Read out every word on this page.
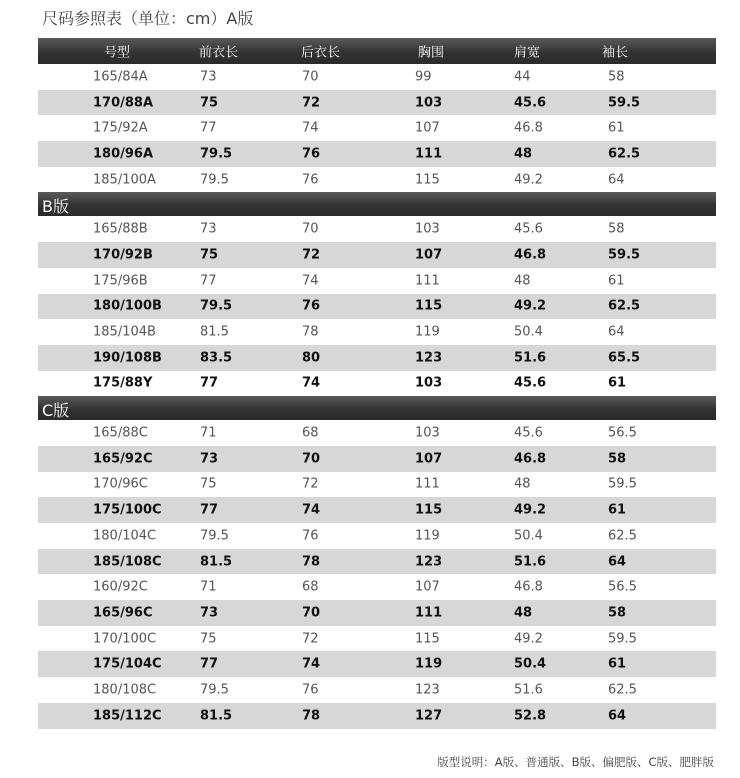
尺码参照表（单位：cm）A版
号型	前衣长	后衣长	胸围	肩宽	袖长
165/84A	73	70	99	44	58
170/88A	75	72	103	45.6	59.5
175/92A	77	74	107	46.8	61
180/96A	79.5	76	111	48	62.5
185/100A	79.5	76	115	49.2	64
B版
165/88B	73	70	103	45.6	58
170/92B	75	72	107	46.8	59.5
175/96B	77	74	111	48	61
180/100B	79.5	76	115	49.2	62.5
185/104B	81.5	78	119	50.4	64
190/108B	83.5	80	123	51.6	65.5
175/88Y	77	74	103	45.6	61
C版
165/88C	71	68	103	45.6	56.5
165/92C	73	70	107	46.8	58
170/96C	75	72	111	48	59.5
175/100C	77	74	115	49.2	61
180/104C	79.5	76	119	50.4	62.5
185/108C	81.5	78	123	51.6	64
160/92C	71	68	107	46.8	56.5
165/96C	73	70	111	48	58
170/100C	75	72	115	49.2	59.5
175/104C	77	74	119	50.4	61
180/108C	79.5	76	123	51.6	62.5
185/112C	81.5	78	127	52.8	64
版型说明：A版、普通版、B版、偏肥版、C版、肥胖版
